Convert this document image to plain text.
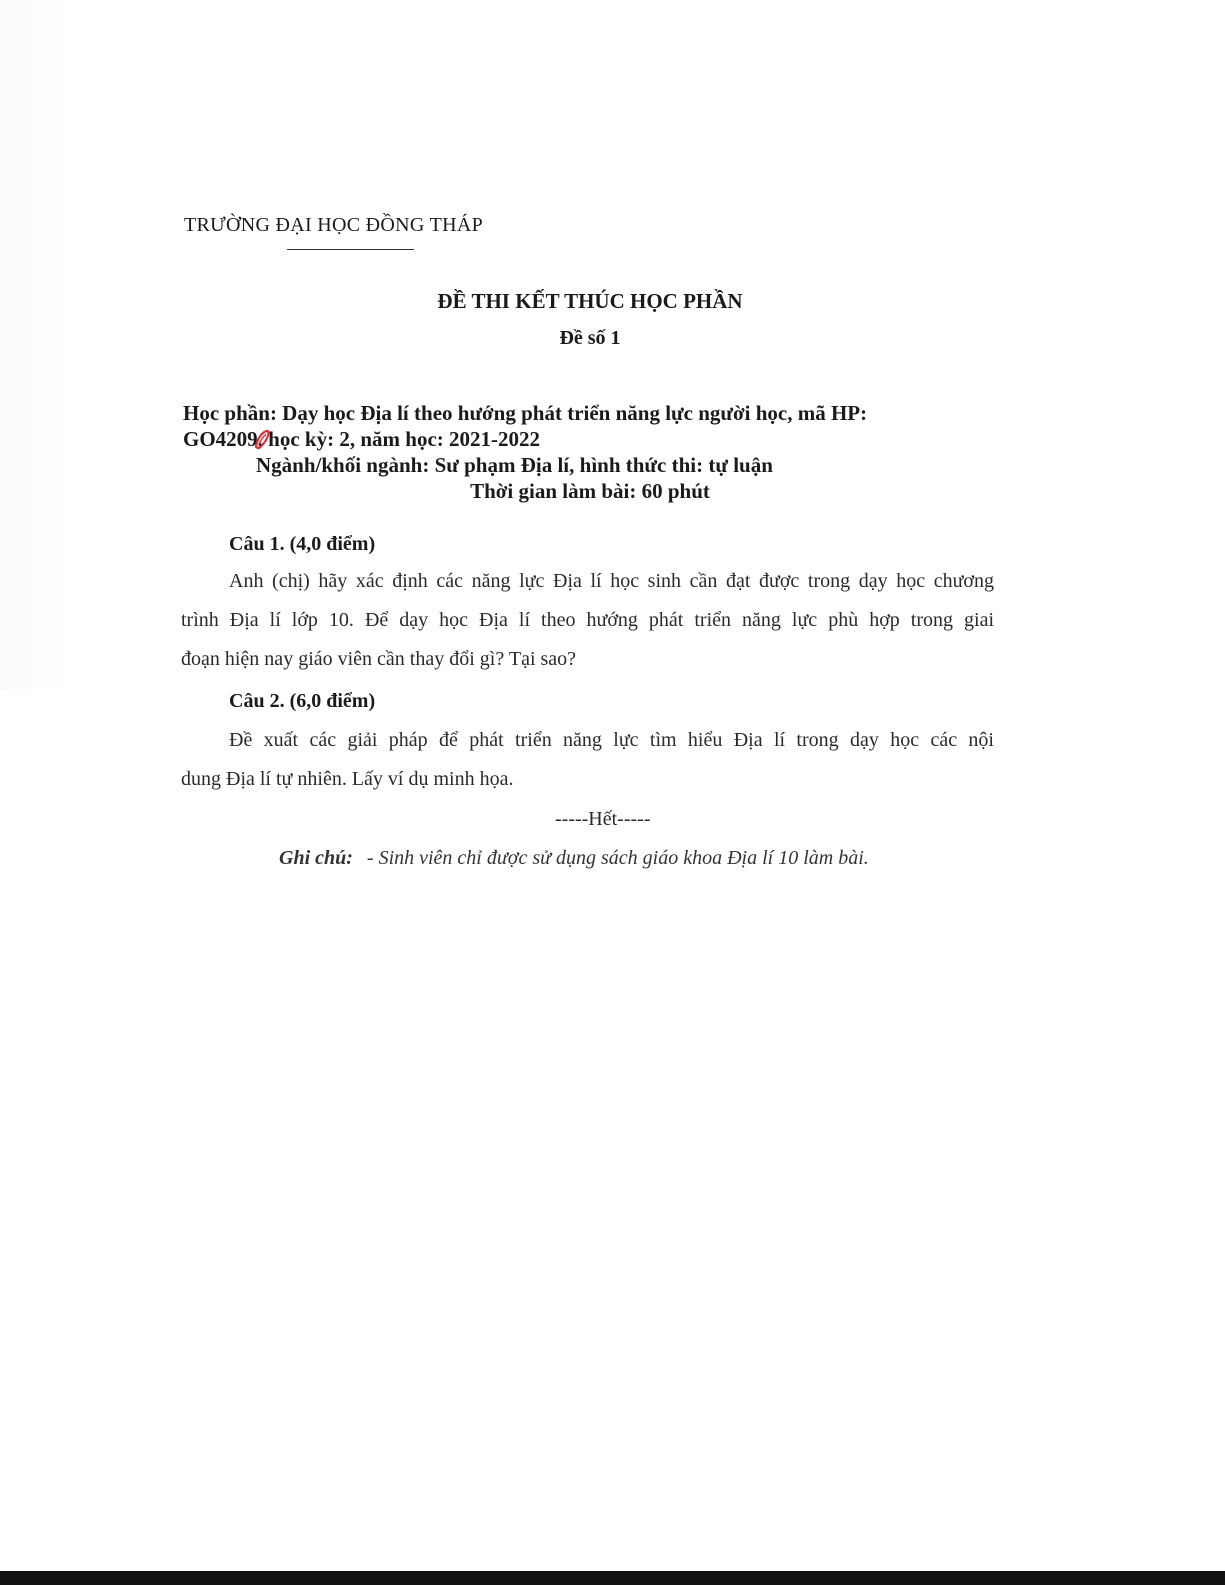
TRƯỜNG ĐẠI HỌC ĐỒNG THÁP
ĐỀ THI KẾT THÚC HỌC PHẦN
Đề số 1
Học phần: Dạy học Địa lí theo hướng phát triển năng lực người học, mã HP:
GO4209, học kỳ: 2, năm học: 2021-2022
Ngành/khối ngành: Sư phạm Địa lí, hình thức thi: tự luận
Thời gian làm bài: 60 phút
Câu 1. (4,0 điểm)
Anh (chị) hãy xác định các năng lực Địa lí học sinh cần đạt được trong dạy học chương
trình Địa lí lớp 10. Để dạy học Địa lí theo hướng phát triển năng lực phù hợp trong giai
đoạn hiện nay giáo viên cần thay đổi gì? Tại sao?
Câu 2. (6,0 điểm)
Đề xuất các giải pháp để phát triển năng lực tìm hiểu Địa lí trong dạy học các nội
dung Địa lí tự nhiên. Lấy ví dụ minh họa.
-----Hết-----
Ghi chú: - Sinh viên chỉ được sử dụng sách giáo khoa Địa lí 10 làm bài.
